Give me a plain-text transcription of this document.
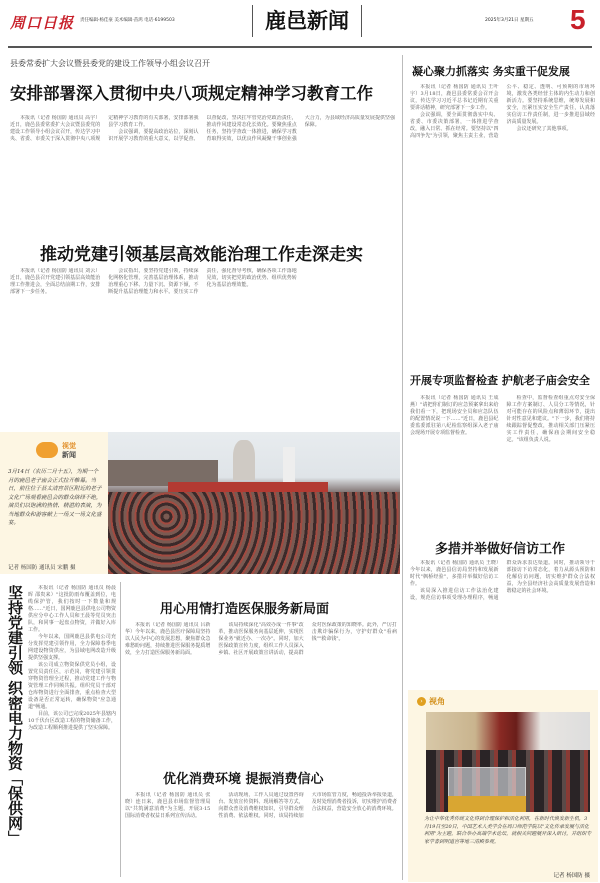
周口日报 责任编辑·杨佳豪 美术编辑·苗鸿 电话·6199503	鹿邑新闻	2025年3月21日 星期五 5
县委常委扩大会议暨县委党的建设工作领导小组会议召开
安排部署深入贯彻中央八项规定精神学习教育工作

本报讯（记者 杨国防 通讯员 高宇）近日，鹿邑县委常委扩大会议暨县委党的建设工作领导小组会议召开，传达学习中央、省委、市委关于深入贯彻中央八项规定精神学习教育的有关部署，安排部署我县学习教育工作。

会议强调，要提高政治站位，深刻认识开展学习教育的重大意义，以学促查、以查促改，坚决扛牢管党治党政治责任，推动作风建设常态化长效化。要聚焦重点任务，坚持学查改一体推进，确保学习教育取得实效，以优良作风凝聚干事创业强大合力，为县域经济高质量发展提供坚强保障。

推动党建引领基层高效能治理工作走深走实

本报讯（记者 杨国防 通讯员 刘云）近日，鹿邑县召开党建引领基层高效能治理工作推进会，全面总结前期工作，安排部署下一步任务。

会议指出，要坚持党建引领，持续深化网格化管理，完善基层治理体系，推动治理重心下移、力量下沉、资源下倾，不断提升基层治理能力和水平。要压实工作责任，强化督导考核，确保各项工作落地见效，切实把党的政治优势、组织优势转化为基层治理效能。

视觉
新闻
3月14日（农历二月十五），为期一个月的鹿邑老子庙会正式拉开帷幕。当日，前往位于县太清宫景区附近的老子文化广场观看鹿邑会的群众络绎不绝，演员们以饱满的热情、精湛的表演，为当地群众和游客献上一场又一场文化盛宴。
记者 杨国防 通讯员 宋鹏 摄
坚持党建引领 织密电力物资「保供网」	本报讯（记者 杨国防 通讯员 杨晨晖 邵贵来）"这批防雨布覆盖到位，电缆保护管，我们按时一下数量和规格……"近日，国网鹿邑县供电公司物资供应分中心工作人员和王晨等党员突击队，和同事一起盘点物资，并做好入库工作。

今年以来，国网鹿邑县供电公司充分发挥党建引领作用，全力保障春季电网建设物资供应，为县域电网改造升级提供坚强支撑。

该公司成立物资保供党员小组，设置党员责任区，示范岗，将党建引领贯穿物资管理全过程，推动党建工作与物资管理工作同频共振。组织党员干部对仓库物资进行全面排查，重点检查大型设备是否正常运转，确保物资"应急通道"畅通。

目前，该公司已完成2025年县辖内10千伏台区改造工程的物资储备工作，为改造工程顺利推进提供了坚实保障。

用心用情打造医保服务新局面

本报讯（记者 杨国防 通讯员 吕新华）今年以来，鹿邑县医疗保障局坚持以人民为中心的发展思想，聚焦群众急难愁盼问题，持续推进医保服务提质增效，全力打造医保服务新局面。

该局持续深化"高效办成一件事"改革，推动医保服务向基层延伸，实现医保业务"就近办、一次办"。同时，加大医保政策宣传力度，组织工作人员深入乡镇、社区开展政策宣讲活动，提高群众对医保政策的知晓率。此外，严厉打击欺诈骗保行为，守护好群众"看病钱""救命钱"。

优化消费环境 提振消费信心

本报讯（记者 杨国防 通讯员 张晓）连日来，鹿邑县市场监督管理局以"共筑满意消费"为主题，开展3·15国际消费者权益日系列宣传活动。

活动现场，工作人员通过设置咨询台、发放宣传资料、现场解答等方式，向群众普及消费维权知识，引导群众理性消费、依法维权。同时，该局持续加大市场监管力度，畅通投诉举报渠道，及时处理消费者投诉，切实维护消费者合法权益，营造安全放心的消费环境。

凝心聚力抓落实 务实重干促发展

本报讯（记者 杨国防 通讯员 王叶宇）3月18日，鹿邑县委常委会召开会议，传达学习习近平总书记近期有关重要讲话精神，研究部署下一步工作。

会议强调，要全面贯彻落实中央、省委、市委决策部署，一体推进学查改，融入日常、抓在经常。要坚持以"四高四争先"为引领，聚焦主责主业，营造公平、稳定、透明、可预期的市场环境，激发各类经营主体的内生动力和创新活力。要坚持系统思维，统筹发展和安全，压紧压实安全生产责任，认真落实信访工作责任制，进一步推进县域经济高质量发展。

会议还研究了其他事项。

开展专项监督检查 护航老子庙会安全

本报讯（记者 杨国防 通讯员 王成燕）"请把你们制订的应急预案拿出来给我们看一下，把现场安全员和应急队伍的配置情况说一下……"近日，鹿邑县纪委监委派驻第八纪检监察组深入老子庙会现场开展专项监督检查。

检查中，监督检查组重点对安全保障工作方案制订、人员分工等情况，针对可能存在的风险点和薄弱环节，提出针对性意见和建议。"下一步，我们将持续跟踪督促整改，推动相关部门压紧压实工作责任，确保庙会期间安全稳定。"该组负责人说。

多措并举做好信访工作

本报讯（记者 杨国防 通讯员 王晓）今年以来，鹿邑县信访局坚持和发展新时代"枫桥经验"，多措并举做好信访工作。

该局深入推进信访工作法治化建设，规范信访事项受理办理程序，畅通群众诉求表达渠道。同时，推动领导干部接访下访常态化，着力从源头预防和化解信访问题，切实维护群众合法权益，为全县经济社会高质量发展营造和谐稳定的社会环境。

› 视角
为让中华优秀传统文化得到合理保护和活化利用，在新时代焕发新生机，3月19日至20日，中国艺术人类学会在周口师范学院以"文化传承发展与活化利用"为主题，联合举办高端学术论坛，就相关问题展开深入研讨，并组织专家学者到明道宫等地三清殿参观。
记者 杨国防 摄
